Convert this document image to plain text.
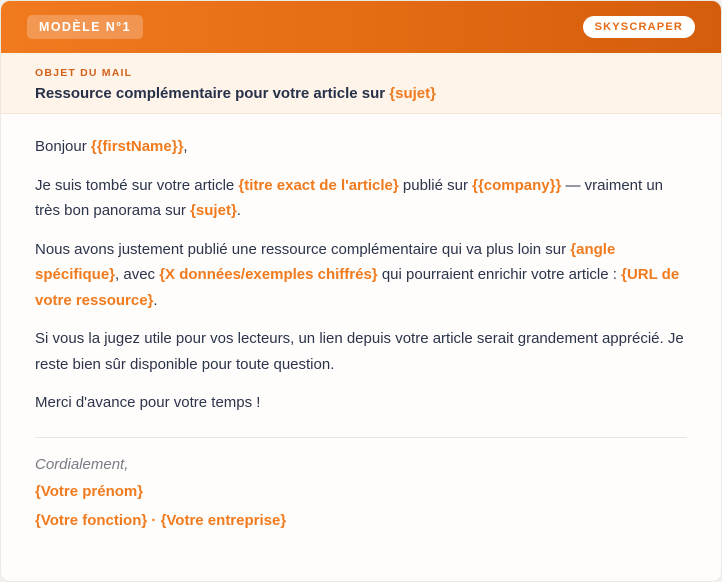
MODÈLE N°1	SKYSCRAPER
OBJET DU MAIL
Ressource complémentaire pour votre article sur {sujet}

Bonjour {{firstName}},

Je suis tombé sur votre article {titre exact de l'article} publié sur {{company}} — vraiment un très bon panorama sur {sujet}.

Nous avons justement publié une ressource complémentaire qui va plus loin sur {angle spécifique}, avec {X données/exemples chiffrés} qui pourraient enrichir votre article : {URL de votre ressource}.

Si vous la jugez utile pour vos lecteurs, un lien depuis votre article serait grandement apprécié. Je reste bien sûr disponible pour toute question.

Merci d'avance pour votre temps !

Cordialement,
{Votre prénom}
{Votre fonction} · {Votre entreprise}
